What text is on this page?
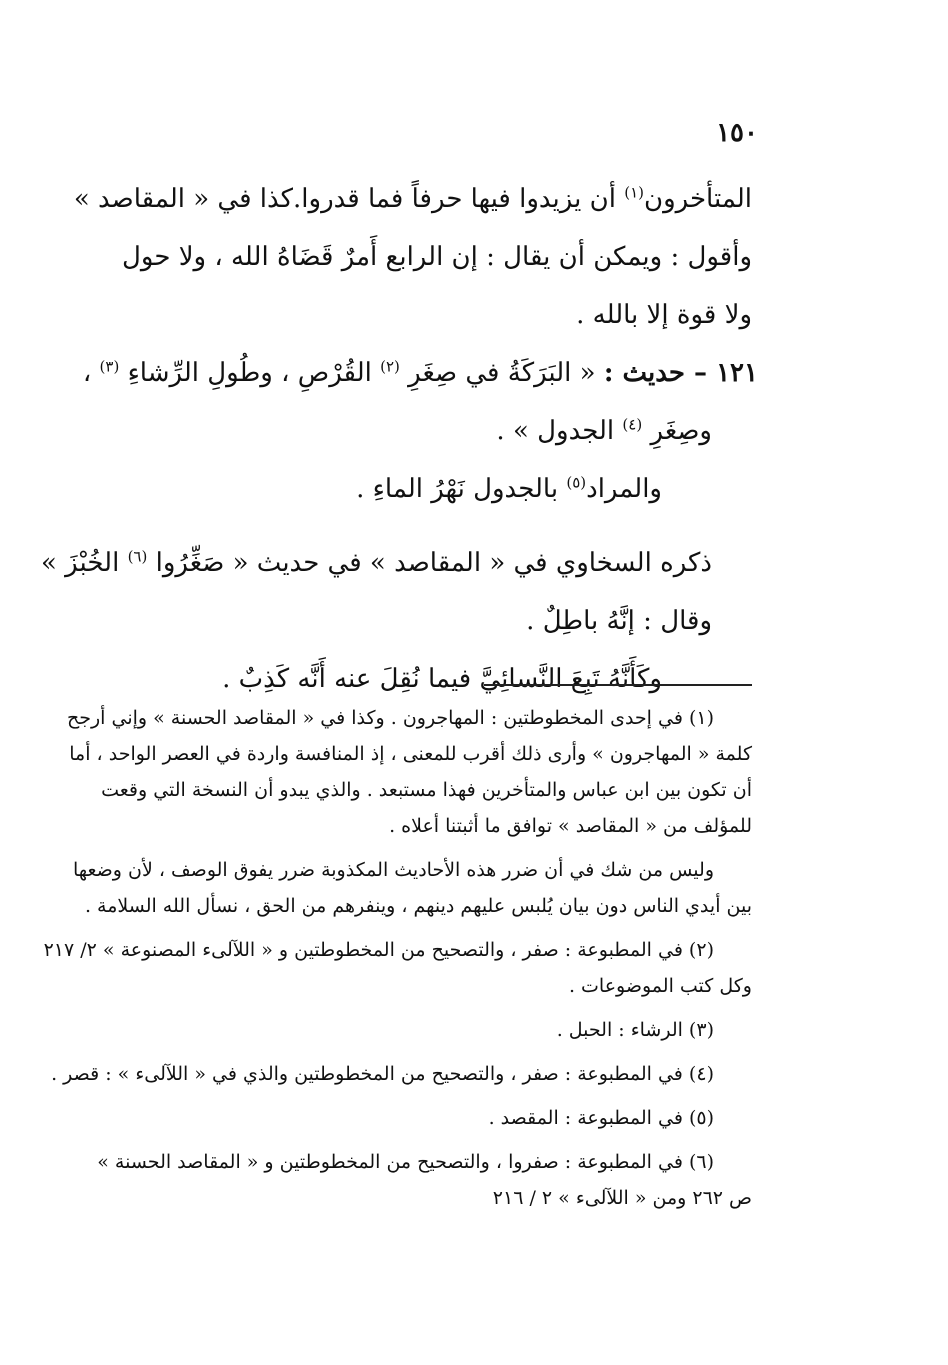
١٥٠
المتأخرون$^{(١)}$ أن يزيدوا فيها حرفاً فما قدروا.كذا في « المقاصد »
وأقول : ويمكن أن يقال : إن الرابع أَمرٌ قَضَاهُ الله ، ولا حول
ولا قوة إلا بالله .
١٢١ – حديث : « البَرَكَةُ في صِغَرِ $^{(٢)}$ القُرْصِ ، وطُولِ الرِّشاءِ $^{(٣)}$ ،
وصِغَرِ $^{(٤)}$ الجدول » .
والمراد$^{(٥)}$ بالجدول نَهْرُ الماءِ .
ذكره السخاوي في « المقاصد » في حديث « صَغِّرُوا $^{(٦)}$ الخُبْزَ »
وقال : إنَّهُ باطِلٌ .
وكَأَنَّهُ تَبِعَ النَّسائِيَّ فيما نُقِلَ عنه أَنَّه كَذِبٌ .
(١) في إحدى المخطوطتين : المهاجرون . وكذا في « المقاصد الحسنة » وإني أرجح
كلمة « المهاجرون » وأرى ذلك أقرب للمعنى ، إذ المنافسة واردة في العصر الواحد ، أما
أن تكون بين ابن عباس والمتأخرين فهذا مستبعد . والذي يبدو أن النسخة التي وقعت
للمؤلف من « المقاصد » توافق ما أثبتنا أعلاه .
وليس من شك في أن ضرر هذه الأحاديث المكذوبة ضرر يفوق الوصف ، لأن وضعها
بين أيدي الناس دون بيان يُلبس عليهم دينهم ، وينفرهم من الحق ، نسأل الله السلامة .
(٢) في المطبوعة : صفر ، والتصحيح من المخطوطتين و « اللآلىء المصنوعة » ٢/ ٢١٧
وكل كتب الموضوعات .
(٣) الرشاء : الحبل .
(٤) في المطبوعة : صفر ، والتصحيح من المخطوطتين والذي في « اللآلىء » : قصر .
(٥) في المطبوعة : المقصد .
(٦) في المطبوعة : صفروا ، والتصحيح من المخطوطتين و « المقاصد الحسنة »
ص ٢٦٢ ومن « اللآلىء » ٢ / ٢١٦
